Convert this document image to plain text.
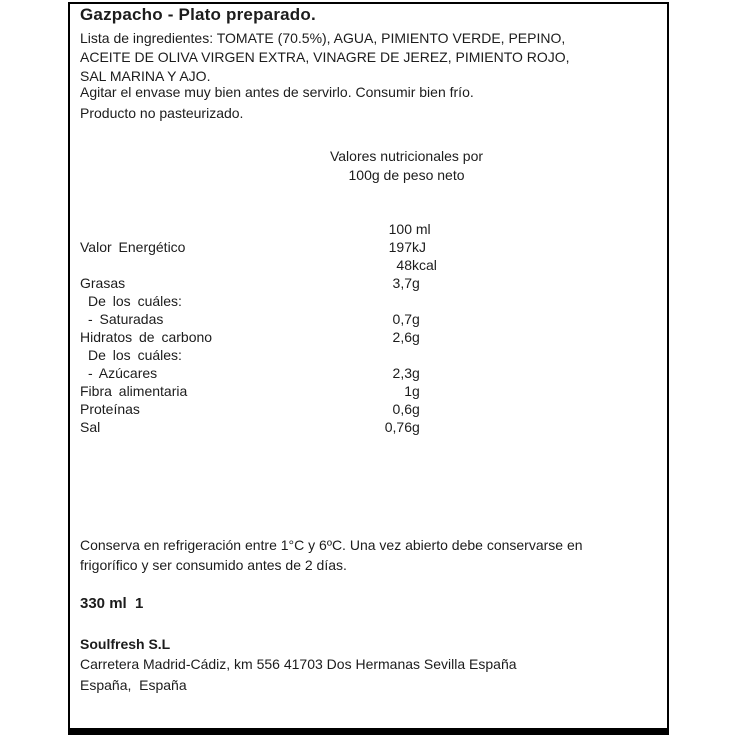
Gazpacho - Plato preparado.
Lista de ingredientes: TOMATE (70.5%), AGUA, PIMIENTO VERDE, PEPINO, ACEITE DE OLIVA VIRGEN EXTRA, VINAGRE DE JEREZ, PIMIENTO ROJO, SAL MARINA Y AJO.
Agitar el envase muy bien antes de servirlo. Consumir bien frío.
Producto no pasteurizado.
Valores nutricionales por
100g de peso neto
100 ml
Valor Energético	197 kJ
48 kcal
Grasas	3,7 g
De los cuáles:
- Saturadas	0,7 g
Hidratos de carbono	2,6 g
De los cuáles:
- Azúcares	2,3 g
Fibra alimentaria	1 g
Proteínas	0,6 g
Sal	0,76 g
Conserva en refrigeración entre 1°C y 6ºC. Una vez abierto debe conservarse en frigorífico y ser consumido antes de 2 días.
330 ml  1
Soulfresh S.L
Carretera Madrid-Cádiz, km 556 41703 Dos Hermanas Sevilla España
España,  España
